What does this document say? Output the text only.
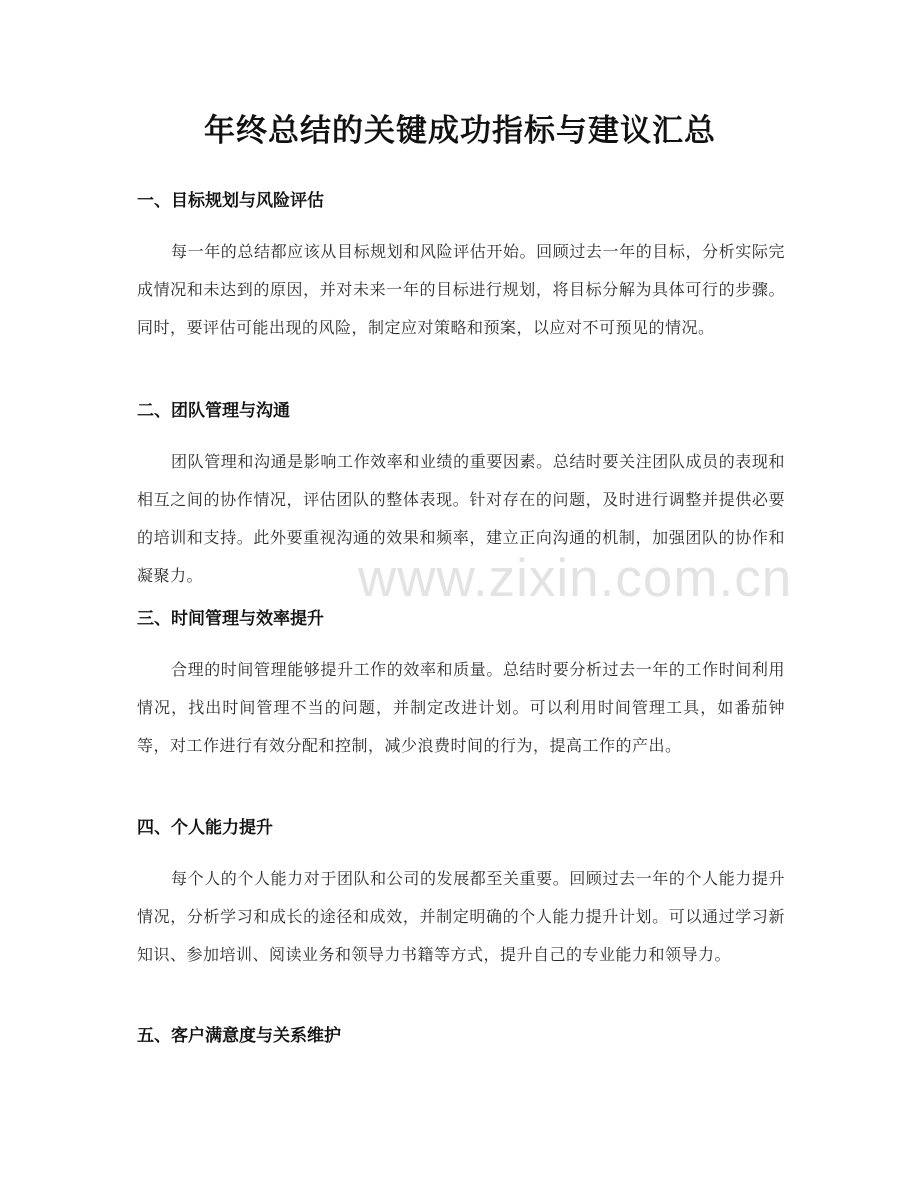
www.zixin.com.cn
年终总结的关键成功指标与建议汇总
一、目标规划与风险评估
每一年的总结都应该从目标规划和风险评估开始。回顾过去一年的目标，分析实际完成情况和未达到的原因，并对未来一年的目标进行规划，将目标分解为具体可行的步骤。同时，要评估可能出现的风险，制定应对策略和预案，以应对不可预见的情况。
二、团队管理与沟通
团队管理和沟通是影响工作效率和业绩的重要因素。总结时要关注团队成员的表现和相互之间的协作情况，评估团队的整体表现。针对存在的问题，及时进行调整并提供必要的培训和支持。此外要重视沟通的效果和频率，建立正向沟通的机制，加强团队的协作和凝聚力。
三、时间管理与效率提升
合理的时间管理能够提升工作的效率和质量。总结时要分析过去一年的工作时间利用情况，找出时间管理不当的问题，并制定改进计划。可以利用时间管理工具，如番茄钟等，对工作进行有效分配和控制，减少浪费时间的行为，提高工作的产出。
四、个人能力提升
每个人的个人能力对于团队和公司的发展都至关重要。回顾过去一年的个人能力提升情况，分析学习和成长的途径和成效，并制定明确的个人能力提升计划。可以通过学习新知识、参加培训、阅读业务和领导力书籍等方式，提升自己的专业能力和领导力。
五、客户满意度与关系维护
